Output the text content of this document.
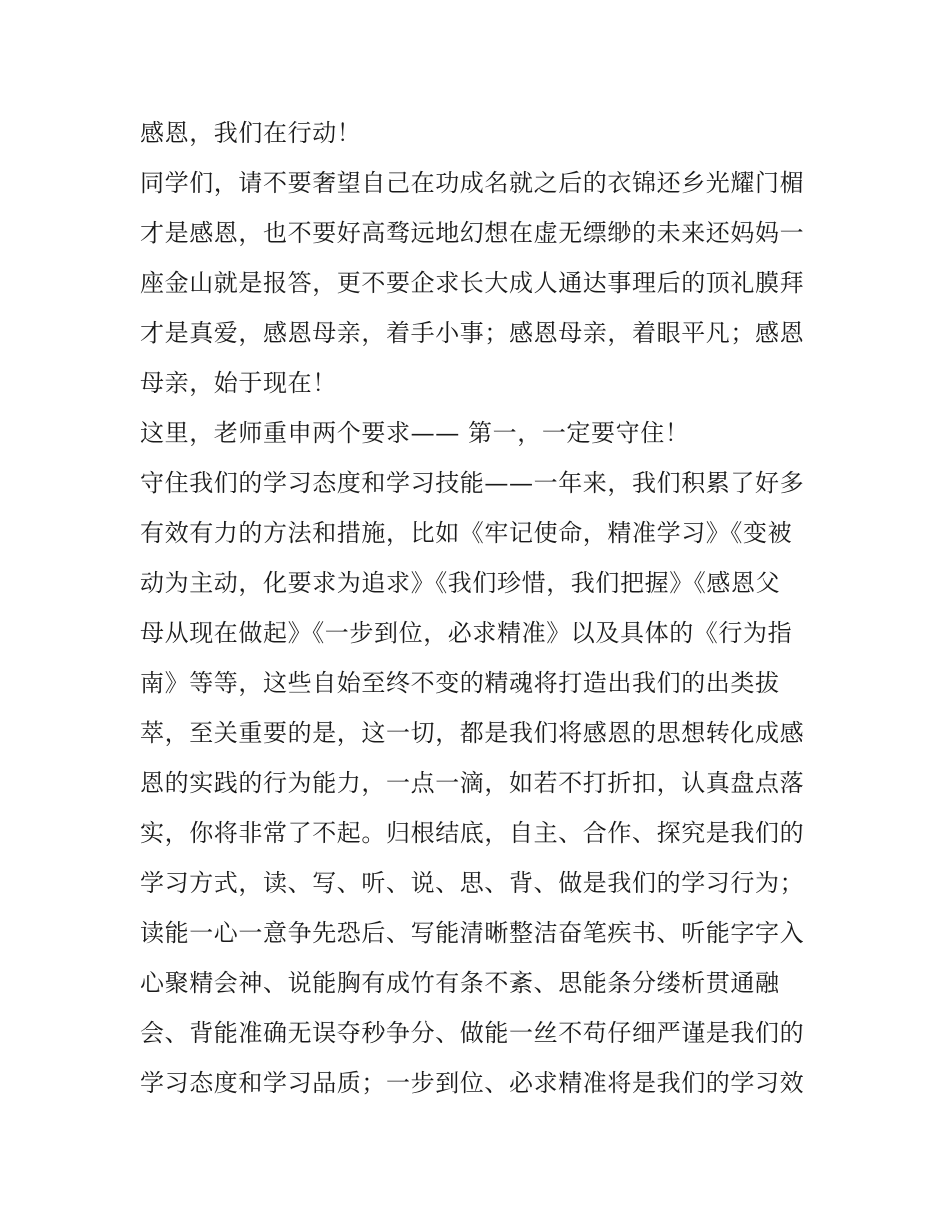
感恩，我们在行动！
同学们，请不要奢望自己在功成名就之后的衣锦还乡光耀门楣
才是感恩，也不要好高骛远地幻想在虚无缥缈的未来还妈妈一
座金山就是报答，更不要企求长大成人通达事理后的顶礼膜拜
才是真爱，感恩母亲，着手小事；感恩母亲，着眼平凡；感恩
母亲，始于现在！
这里，老师重申两个要求—— 第一，一定要守住！
守住我们的学习态度和学习技能——一年来，我们积累了好多
有效有力的方法和措施，比如《牢记使命，精准学习》《变被
动为主动，化要求为追求》《我们珍惜，我们把握》《感恩父
母从现在做起》《一步到位，必求精准》以及具体的《行为指
南》等等，这些自始至终不变的精魂将打造出我们的出类拔
萃，至关重要的是，这一切，都是我们将感恩的思想转化成感
恩的实践的行为能力，一点一滴，如若不打折扣，认真盘点落
实，你将非常了不起。归根结底，自主、合作、探究是我们的
学习方式，读、写、听、说、思、背、做是我们的学习行为；
读能一心一意争先恐后、写能清晰整洁奋笔疾书、听能字字入
心聚精会神、说能胸有成竹有条不紊、思能条分缕析贯通融
会、背能准确无误夺秒争分、做能一丝不苟仔细严谨是我们的
学习态度和学习品质；一步到位、必求精准将是我们的学习效
